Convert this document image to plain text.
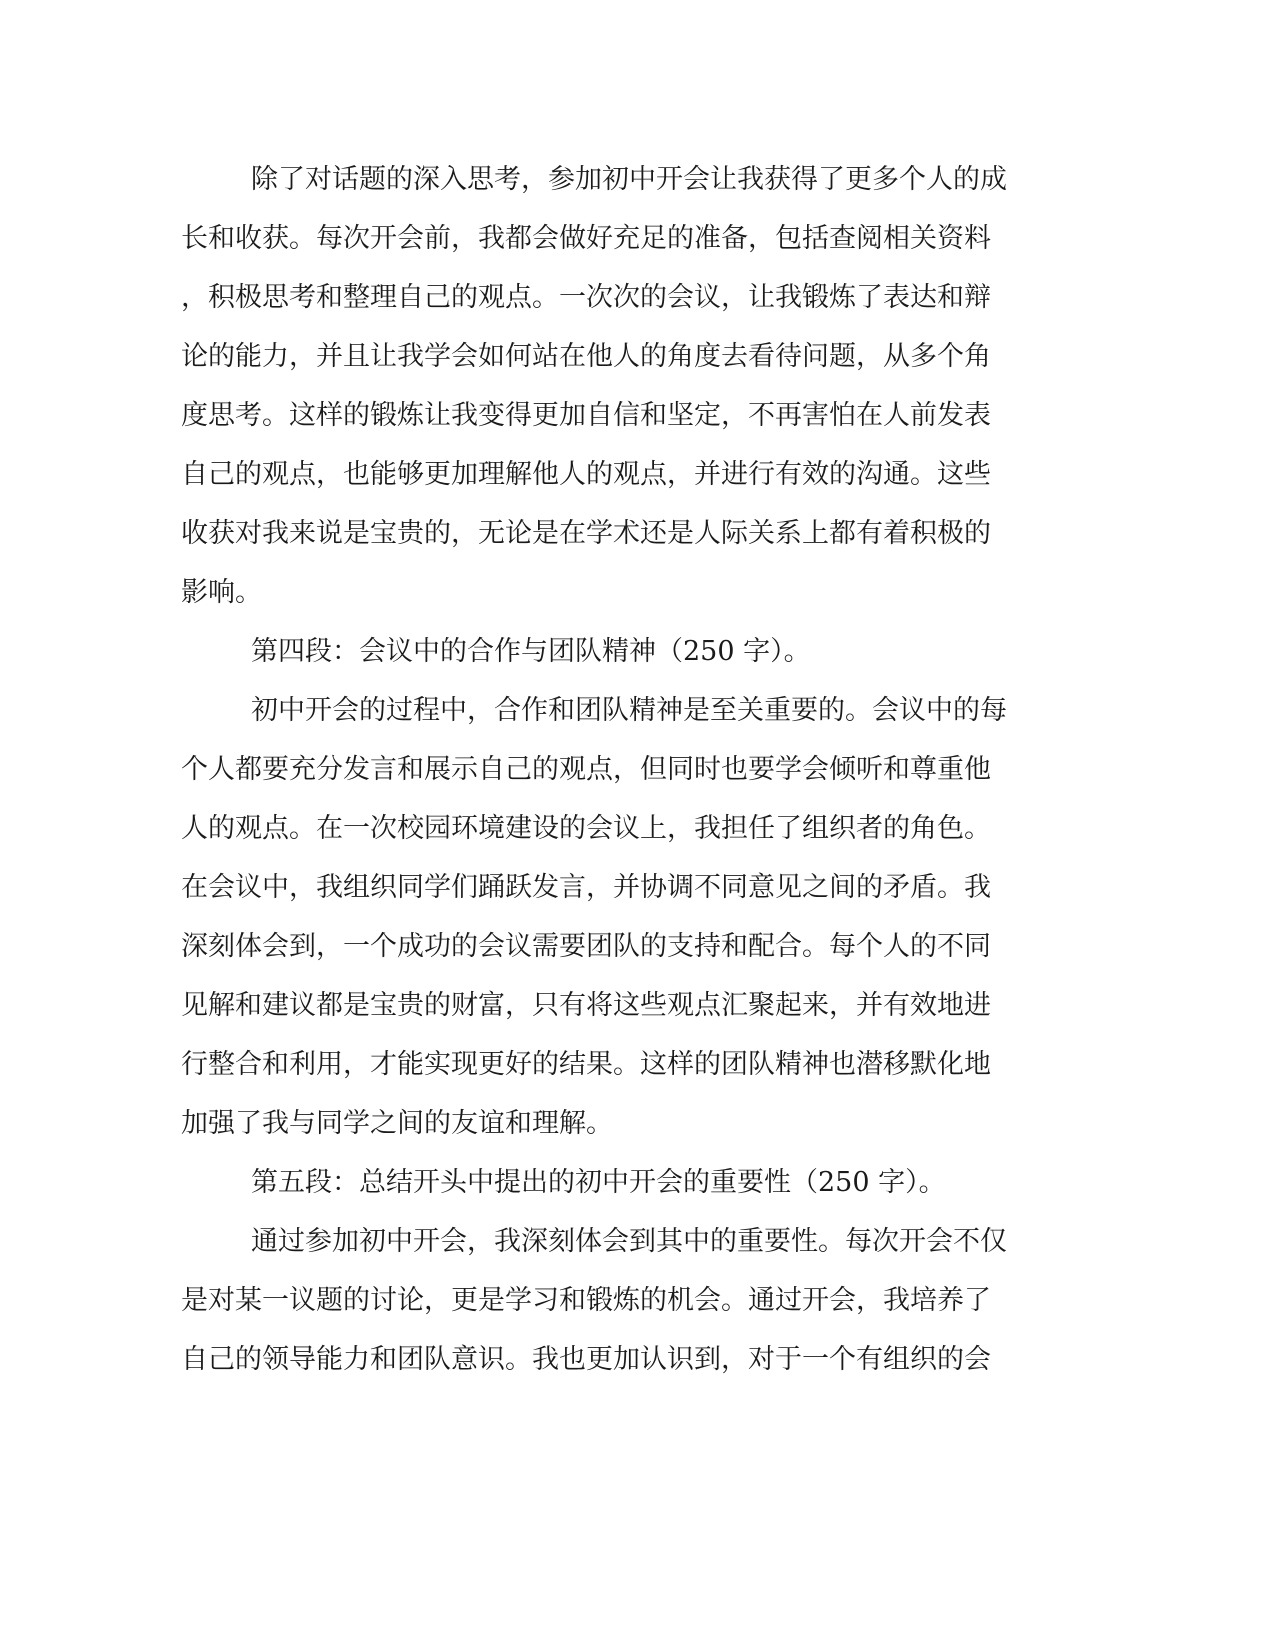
除了对话题的深入思考，参加初中开会让我获得了更多个人的成

长和收获。每次开会前，我都会做好充足的准备，包括查阅相关资料

，积极思考和整理自己的观点。一次次的会议，让我锻炼了表达和辩

论的能力，并且让我学会如何站在他人的角度去看待问题，从多个角

度思考。这样的锻炼让我变得更加自信和坚定，不再害怕在人前发表

自己的观点，也能够更加理解他人的观点，并进行有效的沟通。这些

收获对我来说是宝贵的，无论是在学术还是人际关系上都有着积极的

影响。

第四段：会议中的合作与团队精神（250 字）。

初中开会的过程中，合作和团队精神是至关重要的。会议中的每

个人都要充分发言和展示自己的观点，但同时也要学会倾听和尊重他

人的观点。在一次校园环境建设的会议上，我担任了组织者的角色。

在会议中，我组织同学们踊跃发言，并协调不同意见之间的矛盾。我

深刻体会到，一个成功的会议需要团队的支持和配合。每个人的不同

见解和建议都是宝贵的财富，只有将这些观点汇聚起来，并有效地进

行整合和利用，才能实现更好的结果。这样的团队精神也潜移默化地

加强了我与同学之间的友谊和理解。

第五段：总结开头中提出的初中开会的重要性（250 字）。

通过参加初中开会，我深刻体会到其中的重要性。每次开会不仅

是对某一议题的讨论，更是学习和锻炼的机会。通过开会，我培养了

自己的领导能力和团队意识。我也更加认识到，对于一个有组织的会
